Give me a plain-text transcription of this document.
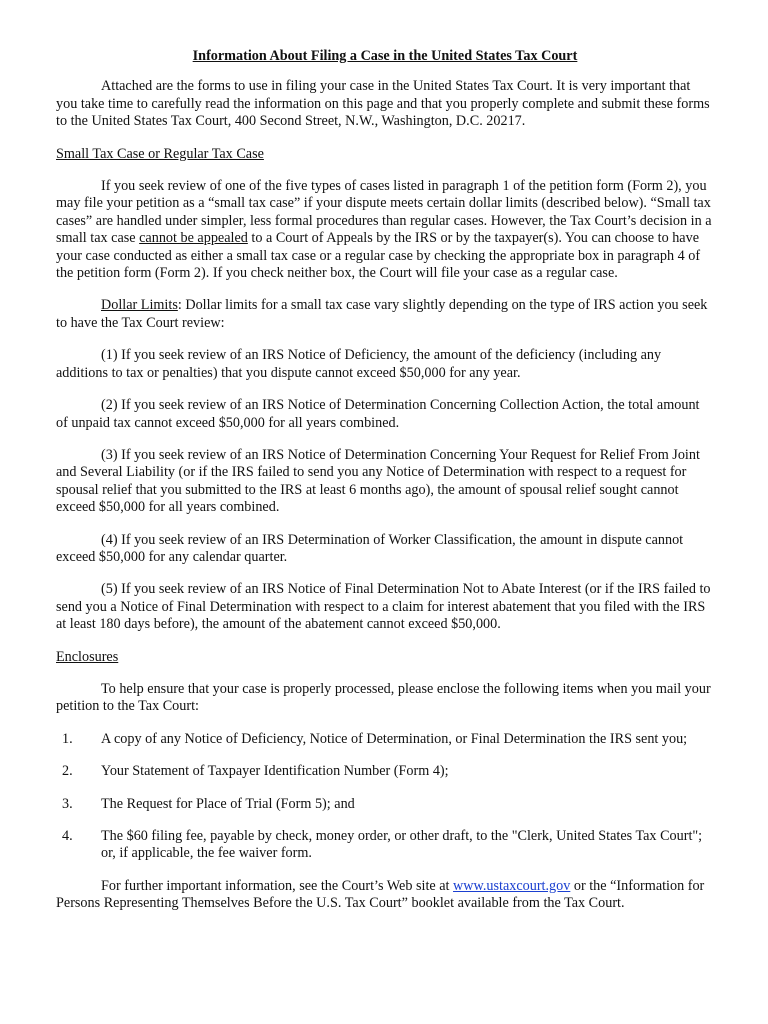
Information About Filing a Case in the United States Tax Court

Attached are the forms to use in filing your case in the United States Tax Court. It is very important that you take time to carefully read the information on this page and that you properly complete and submit these forms to the United States Tax Court, 400 Second Street, N.W., Washington, D.C. 20217.

Small Tax Case or Regular Tax Case

If you seek review of one of the five types of cases listed in paragraph 1 of the petition form (Form 2), you may file your petition as a “small tax case” if your dispute meets certain dollar limits (described below). “Small tax cases” are handled under simpler, less formal procedures than regular cases. However, the Tax Court’s decision in a small tax case cannot be appealed to a Court of Appeals by the IRS or by the taxpayer(s). You can choose to have your case conducted as either a small tax case or a regular case by checking the appropriate box in paragraph 4 of the petition form (Form 2). If you check neither box, the Court will file your case as a regular case.

Dollar Limits: Dollar limits for a small tax case vary slightly depending on the type of IRS action you seek to have the Tax Court review:

(1) If you seek review of an IRS Notice of Deficiency, the amount of the deficiency (including any additions to tax or penalties) that you dispute cannot exceed $50,000 for any year.

(2) If you seek review of an IRS Notice of Determination Concerning Collection Action, the total amount of unpaid tax cannot exceed $50,000 for all years combined.

(3) If you seek review of an IRS Notice of Determination Concerning Your Request for Relief From Joint and Several Liability (or if the IRS failed to send you any Notice of Determination with respect to a request for spousal relief that you submitted to the IRS at least 6 months ago), the amount of spousal relief sought cannot exceed $50,000 for all years combined.

(4) If you seek review of an IRS Determination of Worker Classification, the amount in dispute cannot exceed $50,000 for any calendar quarter.

(5) If you seek review of an IRS Notice of Final Determination Not to Abate Interest (or if the IRS failed to send you a Notice of Final Determination with respect to a claim for interest abatement that you filed with the IRS at least 180 days before), the amount of the abatement cannot exceed $50,000.

Enclosures

To help ensure that your case is properly processed, please enclose the following items when you mail your petition to the Tax Court:

1.	A copy of any Notice of Deficiency, Notice of Determination, or Final Determination the IRS sent you;
2.	Your Statement of Taxpayer Identification Number (Form 4);
3.	The Request for Place of Trial (Form 5); and
4.	The $60 filing fee, payable by check, money order, or other draft, to the "Clerk, United States Tax Court"; or, if applicable, the fee waiver form.

For further important information, see the Court’s Web site at www.ustaxcourt.gov or the “Information for Persons Representing Themselves Before the U.S. Tax Court” booklet available from the Tax Court.
